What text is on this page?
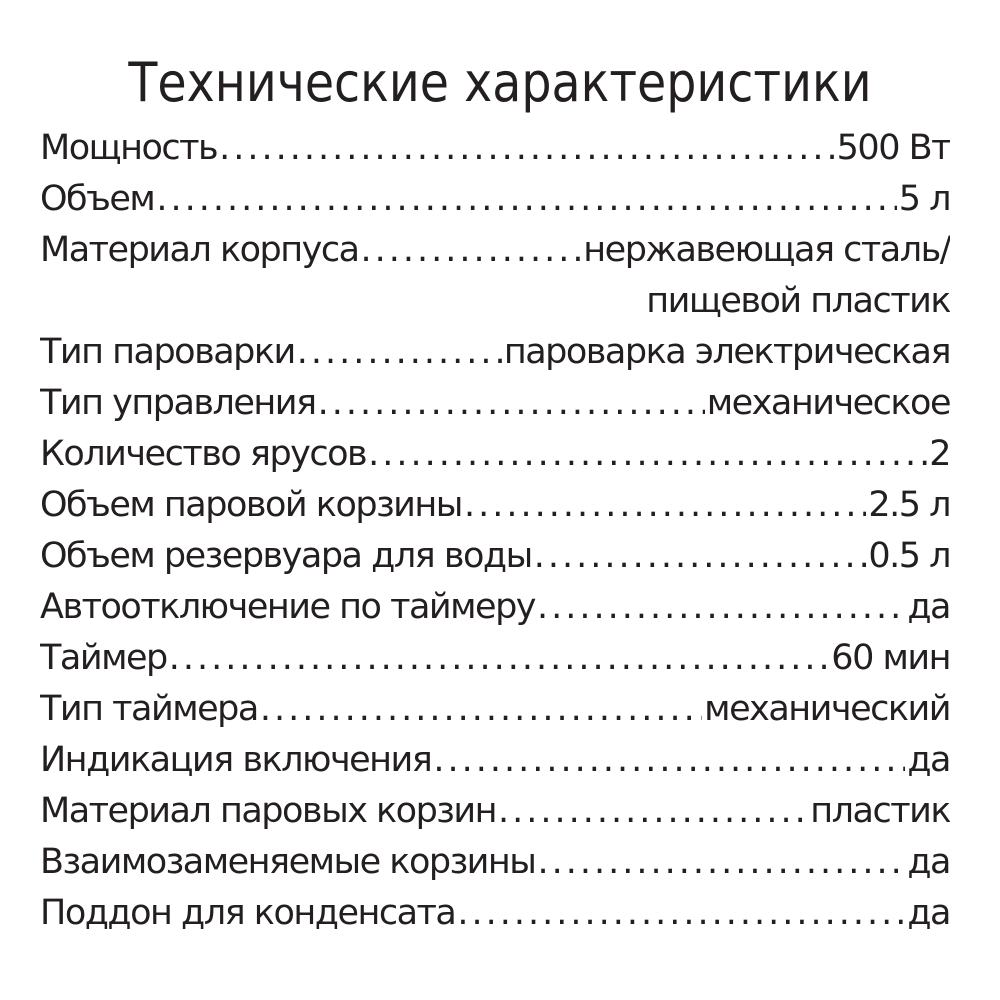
Технические характеристики
Мощность .....	500 Вт
Объем .....	5 л
Материал корпуса .....	нержавеющая сталь/
пищевой пластик
Тип пароварки .....	пароварка электрическая
Тип управления .....	механическое
Количество ярусов .....	2
Объем паровой корзины .....	2.5 л
Объем резервуара для воды .....	0.5 л
Автоотключение по таймеру .....	да
Таймер .....	60 мин
Тип таймера .....	механический
Индикация включения .....	да
Материал паровых корзин .....	пластик
Взаимозаменяемые корзины .....	да
Поддон для конденсата .....	да
